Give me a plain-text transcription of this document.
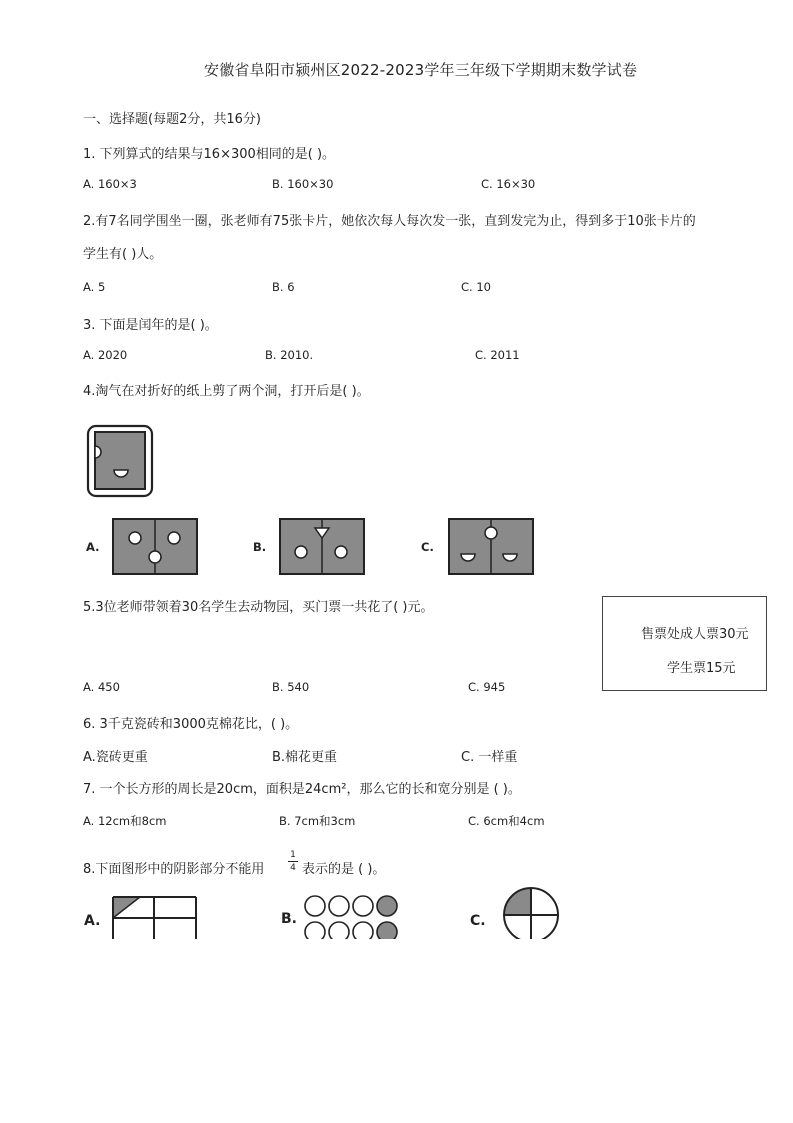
安徽省阜阳市颍州区2022-2023学年三年级下学期期末数学试卷
一、选择题(每题2分，共16分)
1. 下列算式的结果与16×300相同的是( )。
A. 160×3	B. 160×30	C. 16×30
2.有7名同学围坐一圈，张老师有75张卡片，她依次每人每次发一张，直到发完为止，得到多于10张卡片的
学生有( )人。
A. 5	B. 6	C. 10
3. 下面是闰年的是( )。
A. 2020	B. 2010.	C. 2011
4.淘气在对折好的纸上剪了两个洞，打开后是( )。
A.	B.	C.
5.3位老师带领着30名学生去动物园，买门票一共花了( )元。
售票处成人票30元
学生票15元
A. 450	B. 540	C. 945
6. 3千克瓷砖和3000克棉花比，( )。
A.瓷砖更重	B.棉花更重	C. 一样重
7. 一个长方形的周长是20cm，面积是24cm²，那么它的长和宽分别是 ( )。
A. 12cm和8cm	B. 7cm和3cm	C. 6cm和4cm
8.下面图形中的阴影部分不能用
1
4 表示的是 ( )。
A.	B.	C.
